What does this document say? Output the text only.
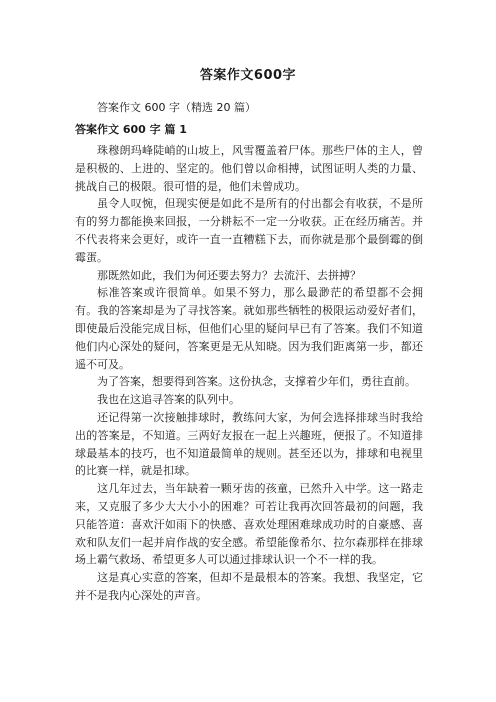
答案作文600字
答案作文 600 字（精选 20 篇）
答案作文 600 字 篇 1

珠穆朗玛峰陡峭的山坡上，风雪覆盖着尸体。那些尸体的主人，曾是积极的、上进的、坚定的。他们曾以命相搏，试图证明人类的力量、挑战自己的极限。很可惜的是，他们未曾成功。

虽令人叹惋，但现实便是如此不是所有的付出都会有收获，不是所有的努力都能换来回报，一分耕耘不一定一分收获。正在经历痛苦。并不代表将来会更好，或许一直一直糟糕下去，而你就是那个最倒霉的倒霉蛋。

那既然如此，我们为何还要去努力？去流汗、去拼搏？

标准答案或许很简单。如果不努力，那么最渺茫的希望都不会拥有。我的答案却是为了寻找答案。就如那些牺牲的极限运动爱好者们，即使最后没能完成目标，但他们心里的疑问早已有了答案。我们不知道他们内心深处的疑问，答案更是无从知晓。因为我们距离第一步，都还遥不可及。

为了答案，想要得到答案。这份执念，支撑着少年们，勇往直前。

我也在这追寻答案的队列中。

还记得第一次接触排球时，教练问大家，为何会选择排球当时我给出的答案是，不知道。三两好友报在一起上兴趣班，便报了。不知道排球最基本的技巧，也不知道最简单的规则。甚至还以为，排球和电视里的比赛一样，就是扣球。

这几年过去，当年缺着一颗牙齿的孩童，已然升入中学。这一路走来，又克服了多少大大小小的困难？可若让我再次回答最初的问题，我只能答道：喜欢汗如雨下的快感、喜欢处理困难球成功时的自豪感、喜欢和队友们一起并肩作战的安全感。希望能像希尔、拉尔森那样在排球场上霸气救场、希望更多人可以通过排球认识一个不一样的我。

这是真心实意的答案，但却不是最根本的答案。我想、我坚定，它并不是我内心深处的声音。
